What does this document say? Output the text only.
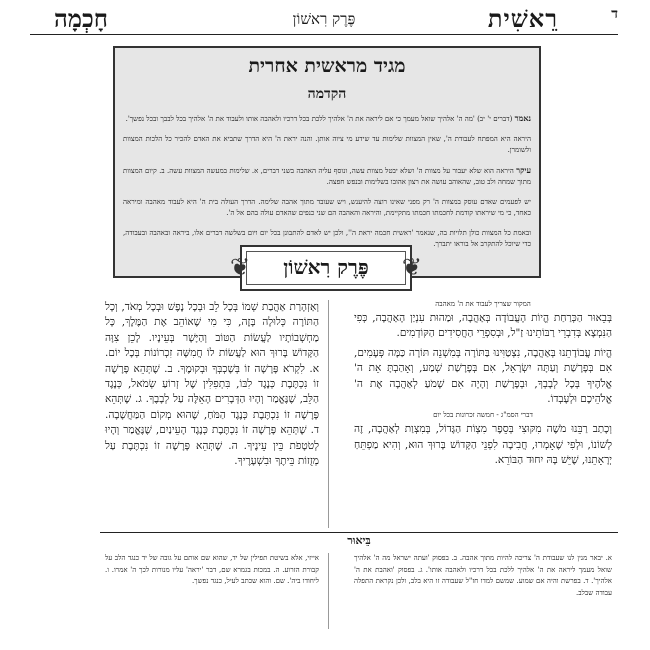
ד
רֵאשִׁית
פֶּרֶק רִאשׁוֹן
חָכְמָה
מגיד מראשית אחרית
הקדמה

נאמר (דברים י' יב) 'מה ה' אלהיך שואל מעמך כי אם ליראה את ה' אלהיך ללכת בכל דרכיו ולאהבה אותו ולעבוד את ה' אלהיך בכל לבבך ובכל נפשך'.

היראה היא המפתח לעבודת ה', שאין המצוות שלימות עד שידע מי ציוה אותן. והנה יראת ה' היא הדרך שתביא את האדם להכיר כל הלכות המצוות ולשומרן.

עיקר היראה הוא שלא יעבור על מצוות ה' ושלא יבטל מצוות עשה, ונוסף עליה האהבה בשני דברים, א. שלימות במעשה המצוות עשה. ב. קיום המצוות מתוך שמחה ולב טוב, שהאוהב עושה את רצון אהובו בשלימות ובנפש חפצה.

יש לפעמים שאדם עוסק במצוות ה' רק מפני שאינו רוצה להיענש, ויש שעובד מתוך אהבה שלימה. הדרך העולה בית ה' היא לעבוד מאהבה ומיראה כאחד, כי מי שיראתו קודמת לחכמתו חכמתו מתקיימת, והיראה והאהבה הם שני כנפים שהאדם עולה בהם אל ה'.

ובאמת כל המצוות כולן תלויות בה, שנאמר 'ראשית חכמה יראת ה'', ולכן יש לאדם להתבונן בכל יום ויום בשלשה דברים אלו, ביראה ובאהבה ובעבודה, כדי שיוכל להתקרב אל בוראו יתברך.

❦
❦	פֶּרֶק רִאשׁוֹן
המקור שצריך לעבוד את ה' מאהבה

בְּבֵאוּר הַכְּרַחַת הֱיוֹת הָעֲבוֹדָה בְּאַהֲבָה, וּמַהוּת עִנְיַן הָאַהֲבָה, כְּפִי הַנִּמְצָא בְּדִבְרֵי רַבּוֹתֵינוּ זַ"ל, וּבְסִפְרֵי הַחֲסִידִים הַקּוֹדְמִים.

הֱיוֹת עֲבוֹדָתֵנוּ בְּאַהֲבָה, נִצְטַוִּינוּ בַּתּוֹרָה בְּמִשְׁנֵה תּוֹרָה כַּמָּה פְּעָמִים, אִם בְּפָרָשַׁת וְעַתָּה יִשְׂרָאֵל, אִם בְּפָרָשַׁת שְׁמַע, וְאָהַבְתָּ אֵת ה' אֱלֹהֶיךָ בְּכָל לְבָבְךָ, וּבְפָרָשַׁת וְהָיָה אִם שָׁמֹעַ לְאַהֲבָה אֶת ה' אֱלֹהֵיכֶם וּלְעָבְדוֹ.

דברי הסמ"ג - חמשה זכרונות בכל יום

וְכָתַב רַבֵּנוּ מֹשֶׁה מִקּוּצִי בְּסֵפֶר מִצְוֹת הַגָּדוֹל, בְּמִצְוַת לְאַהֲבָה, זֶה לְשׁוֹנוֹ, וּלְפִי שֶׁאָמְרוּ, חֲבִיבָה לִפְנֵי הַקָּדוֹשׁ בָּרוּךְ הוּא, וְהִיא מַפְתֵּחַ יְרָאָתֵנוּ, שֶׁיֵּשׁ בָּהּ יִחוּד הַבּוֹרֵא.

וְאַזְהָרַת אַהֲבַת שְׁמוֹ בְּכָל לֵב וּבְכָל נֶפֶשׁ וּבְכָל מְאֹד, וְכָל הַתּוֹרָה כְּלוּלָה בָּזֶה, כִּי מִי שֶׁאוֹהֵב אֶת הַמֶּלֶךְ, כָּל מַחְשְׁבוֹתָיו לַעֲשׂוֹת הַטּוֹב וְהַיָּשָׁר בְּעֵינָיו. לָכֵן צִוָּה הַקָּדוֹשׁ בָּרוּךְ הוּא לַעֲשׂוֹת לוֹ חֲמִשָּׁה זִכְרוֹנוֹת בְּכָל יוֹם. א. לִקְרֹא פָּרָשָׁה זוֹ בְּשָׁכְבְּךָ וּבְקוּמֶךָ. ב. שֶׁתְּהֵא פָּרָשָׁה זוֹ נִכְתֶּבֶת כְּנֶגֶד לִבּוֹ, בִּתְפִלִּין שֶׁל זְרוֹעַ שְׂמֹאל, כְּנֶגֶד הַלֵּב, שֶׁנֶּאֱמַר וְהָיוּ הַדְּבָרִים הָאֵלֶּה עַל לְבָבֶךָ. ג. שֶׁתְּהֵא פָּרָשָׁה זוֹ נִכְתֶּבֶת כְּנֶגֶד הַמֹּחַ, שֶׁהוּא מְקוֹם הַמַּחֲשָׁבָה. ד. שֶׁתְּהֵא פָּרָשָׁה זוֹ נִכְתֶּבֶת כְּנֶגֶד הָעֵינַיִם, שֶׁנֶּאֱמַר וְהָיוּ לְטֹטָפֹת בֵּין עֵינֶיךָ. ה. שֶׁתְּהֵא פָּרָשָׁה זוֹ נִכְתֶּבֶת עַל מְזֻזוֹת בֵּיתֶךָ וּבִשְׁעָרֶיךָ.

בֵּיאוּר
א. יבאר מנין לנו שעבודת ה' צריכה להיות מתוך אהבה. ב. בפסוק 'ועתה ישראל מה ה' אלהיך שואל מעמך ליראה את ה' אלהיך ללכת בכל דרכיו ולאהבה אותו'. ג. בפסוק 'ואהבת את ה' אלהיך'. ד. בפרשת והיה אם שמוע. שמשם למדו חז"ל שעבודה זו היא בלב, ולכן נקראת התפלה עבודה שבלב.
אייזי, אלא בשיטת תפילין של יד, שהוא שם אותם על גובה של יד כנגד הלב על קבורת הזרוע. ה. במכות בגמרא שם, דבר 'יראה' עליו מנורות לכך ה' אמרו. ו. ליחודו ביה'. שם. והוא שכתב לעיל, כנגד נפשך.
